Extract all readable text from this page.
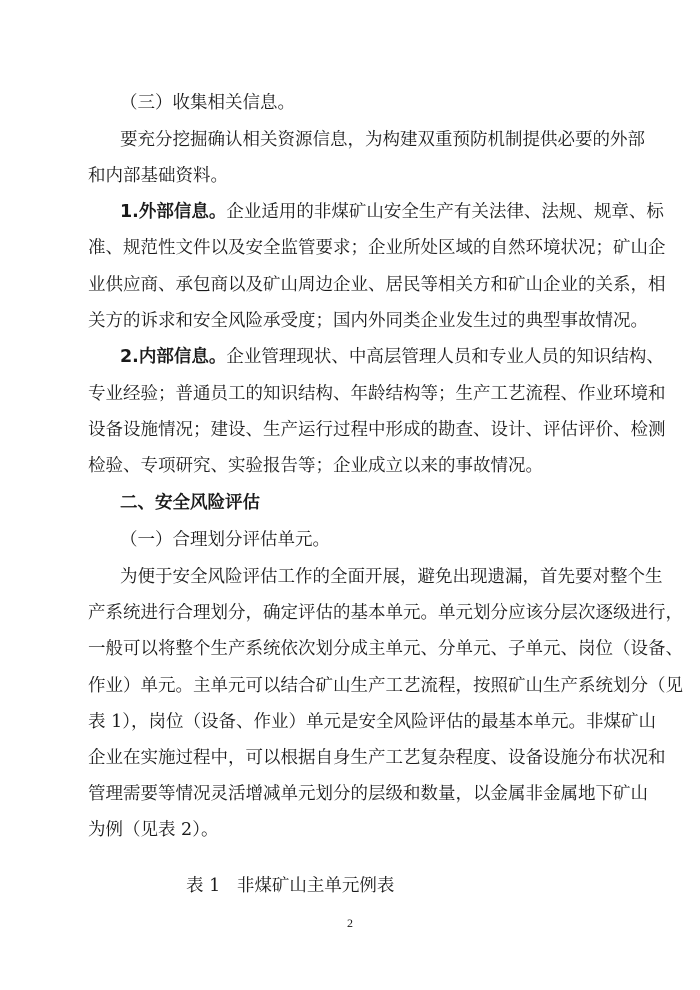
（三）收集相关信息。
要充分挖掘确认相关资源信息，为构建双重预防机制提供必要的外部
和内部基础资料。
1.外部信息。企业适用的非煤矿山安全生产有关法律、法规、规章、标
准、规范性文件以及安全监管要求；企业所处区域的自然环境状况；矿山企
业供应商、承包商以及矿山周边企业、居民等相关方和矿山企业的关系，相
关方的诉求和安全风险承受度；国内外同类企业发生过的典型事故情况。
2.内部信息。企业管理现状、中高层管理人员和专业人员的知识结构、
专业经验；普通员工的知识结构、年龄结构等；生产工艺流程、作业环境和
设备设施情况；建设、生产运行过程中形成的勘查、设计、评估评价、检测
检验、专项研究、实验报告等；企业成立以来的事故情况。
二、安全风险评估
（一）合理划分评估单元。
为便于安全风险评估工作的全面开展，避免出现遗漏，首先要对整个生
产系统进行合理划分，确定评估的基本单元。单元划分应该分层次逐级进行，
一般可以将整个生产系统依次划分成主单元、分单元、子单元、岗位（设备、
作业）单元。主单元可以结合矿山生产工艺流程，按照矿山生产系统划分（见
表 1），岗位（设备、作业）单元是安全风险评估的最基本单元。非煤矿山
企业在实施过程中，可以根据自身生产工艺复杂程度、设备设施分布状况和
管理需要等情况灵活增减单元划分的层级和数量，以金属非金属地下矿山
为例（见表 2）。
表 1   非煤矿山主单元例表
2
